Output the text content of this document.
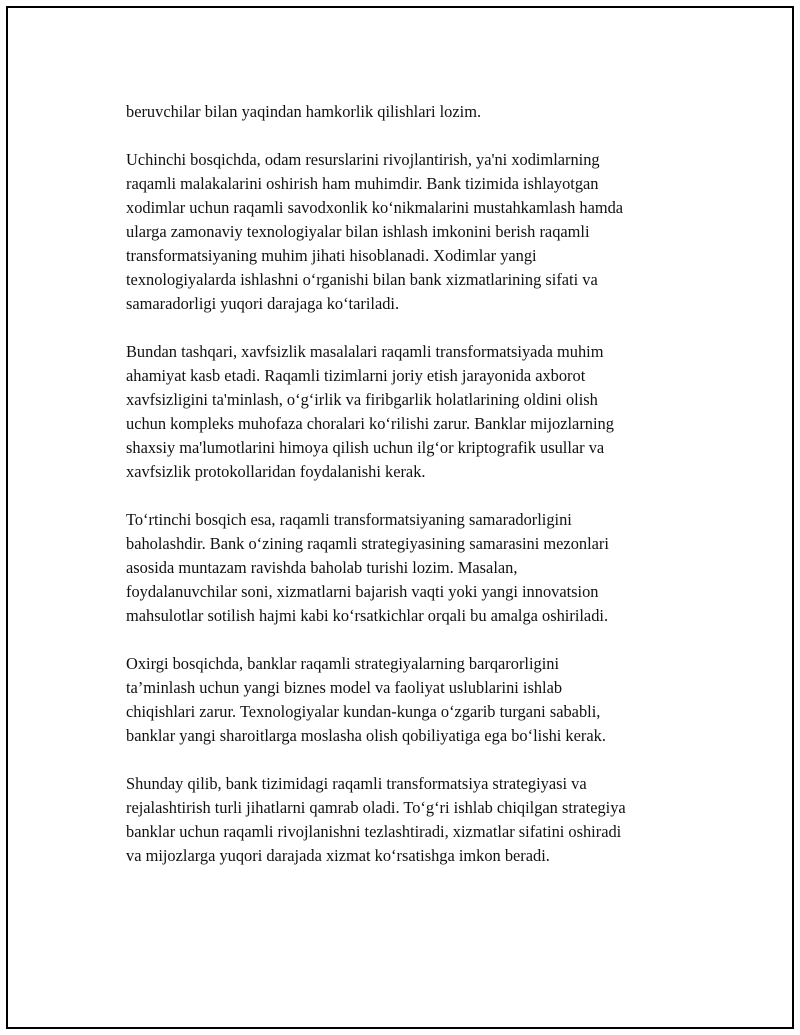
beruvchilar bilan yaqindan hamkorlik qilishlari lozim.

Uchinchi bosqichda, odam resurslarini rivojlantirish, ya'ni xodimlarning
raqamli malakalarini oshirish ham muhimdir. Bank tizimida ishlayotgan
xodimlar uchun raqamli savodxonlik ko‘nikmalarini mustahkamlash hamda
ularga zamonaviy texnologiyalar bilan ishlash imkonini berish raqamli
transformatsiyaning muhim jihati hisoblanadi. Xodimlar yangi
texnologiyalarda ishlashni o‘rganishi bilan bank xizmatlarining sifati va
samaradorligi yuqori darajaga ko‘tariladi.

Bundan tashqari, xavfsizlik masalalari raqamli transformatsiyada muhim
ahamiyat kasb etadi. Raqamli tizimlarni joriy etish jarayonida axborot
xavfsizligini ta'minlash, o‘g‘irlik va firibgarlik holatlarining oldini olish
uchun kompleks muhofaza choralari ko‘rilishi zarur. Banklar mijozlarning
shaxsiy ma'lumotlarini himoya qilish uchun ilg‘or kriptografik usullar va
xavfsizlik protokollaridan foydalanishi kerak.

To‘rtinchi bosqich esa, raqamli transformatsiyaning samaradorligini
baholashdir. Bank o‘zining raqamli strategiyasining samarasini mezonlari
asosida muntazam ravishda baholab turishi lozim. Masalan,
foydalanuvchilar soni, xizmatlarni bajarish vaqti yoki yangi innovatsion
mahsulotlar sotilish hajmi kabi ko‘rsatkichlar orqali bu amalga oshiriladi.

Oxirgi bosqichda, banklar raqamli strategiyalarning barqarorligini
ta’minlash uchun yangi biznes model va faoliyat uslublarini ishlab
chiqishlari zarur. Texnologiyalar kundan-kunga o‘zgarib turgani sababli,
banklar yangi sharoitlarga moslasha olish qobiliyatiga ega bo‘lishi kerak.

Shunday qilib, bank tizimidagi raqamli transformatsiya strategiyasi va
rejalashtirish turli jihatlarni qamrab oladi. To‘g‘ri ishlab chiqilgan strategiya
banklar uchun raqamli rivojlanishni tezlashtiradi, xizmatlar sifatini oshiradi
va mijozlarga yuqori darajada xizmat ko‘rsatishga imkon beradi.
